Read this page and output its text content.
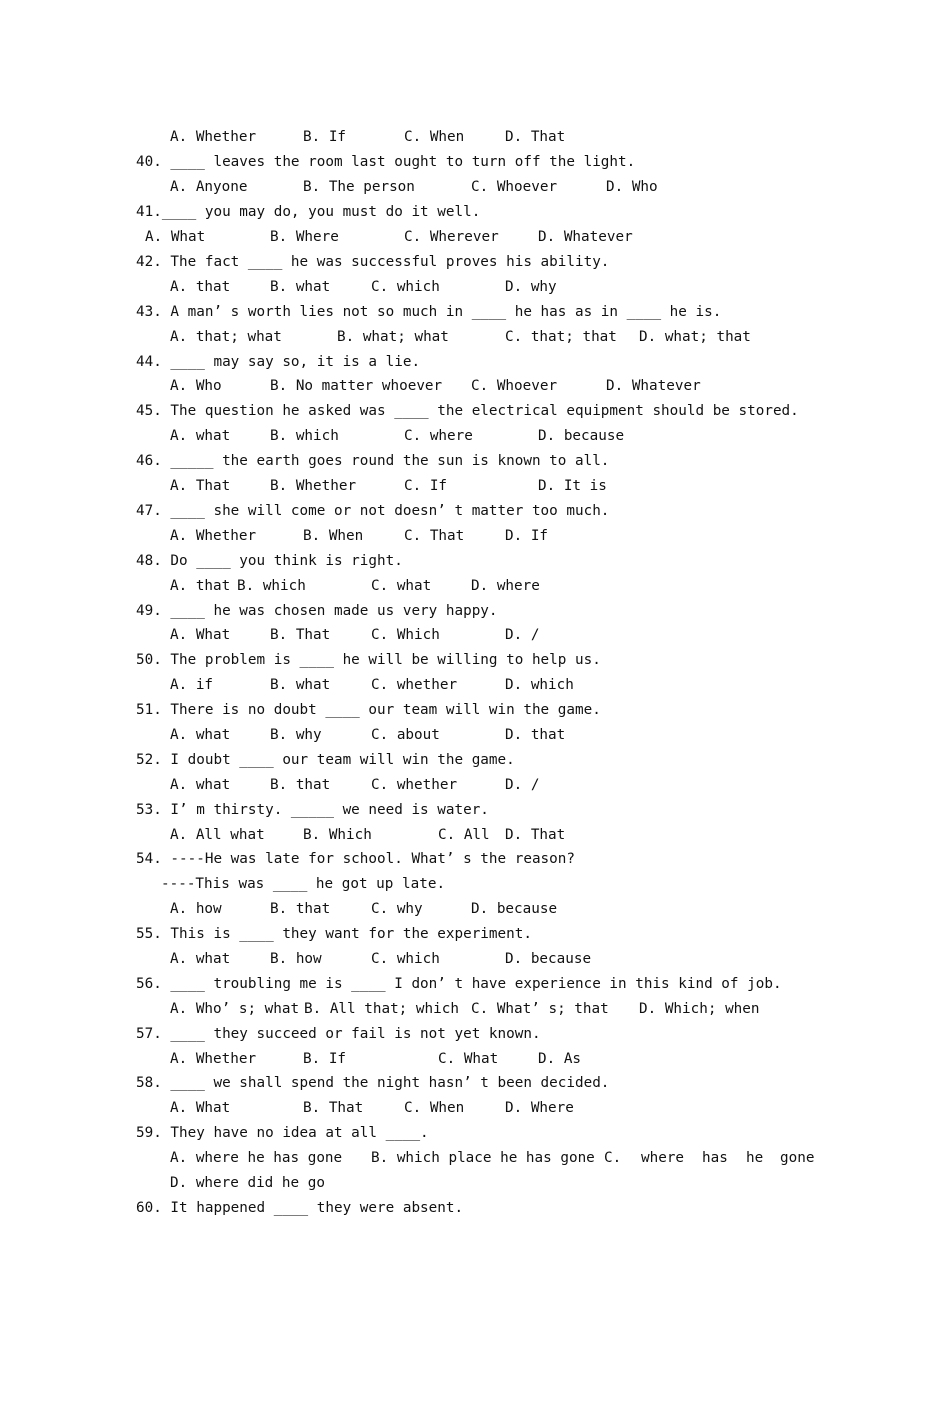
A. Whether

	B. If

	C. When

	D. That

40. ____ leaves the room last ought to turn off the light.

A. Anyone

	B. The person

	C. Whoever

	D. Who

41.____ you may do, you must do it well.

A. What

	B. Where

	C. Wherever

	D. Whatever

42. The fact ____ he was successful proves his ability.

A. that

	B. what

	C. which

	D. why

43. A man’ s worth lies not so much in ____ he has as in ____ he is.

A. that; what

	B. what; what

	C. that; that

D. what; that

44. ____ may say so, it is a lie.

A. Who

	B. No matter whoever

C. Whoever

	D. Whatever

45. The question he asked was ____ the electrical equipment should be stored.

A. what

	B. which

	C. where

	D. because

46. _____ the earth goes round the sun is known to all.

A. That

	B. Whether

	C. If

	D. It is

47. ____ she will come or not doesn’ t matter too much.

A. Whether

	B. When

	C. That

	D. If

48. Do ____ you think is right.

A. that

B. which

	C. what

	D. where

49. ____ he was chosen made us very happy.

A. What

	B. That

	C. Which

	D. /

50. The problem is ____ he will be willing to help us.

A. if

	B. what

	C. whether

	D. which

51. There is no doubt ____ our team will win the game.

A. what

	B. why

	C. about

	D. that

52. I doubt ____ our team will win the game.

A. what

	B. that

	C. whether

	D. /

53. I’ m thirsty. _____ we need is water.

A. All what

	B. Which

	C. All

D. That

54. ----He was late for school. What’ s the reason?

----This was ____ he got up late.

A. how

	B. that

	C. why

	D. because

55. This is ____ they want for the experiment.

A. what

	B. how

	C. which

	D. because

56. ____ troubling me is ____ I don’ t have experience in this kind of job.

A. Who’ s; what

B. All that; which

C. What’ s; that

D. Which; when

57. ____ they succeed or fail is not yet known.

A. Whether

	B. If

	C. What

	D. As

58. ____ we shall spend the night hasn’ t been decided.

A. What

	B. That

	C. When

	D. Where

59. They have no idea at all ____.

A. where he has gone

B. which place he has gone

C.

where

has

he

gone

D. where did he go

60. It happened ____ they were absent.
